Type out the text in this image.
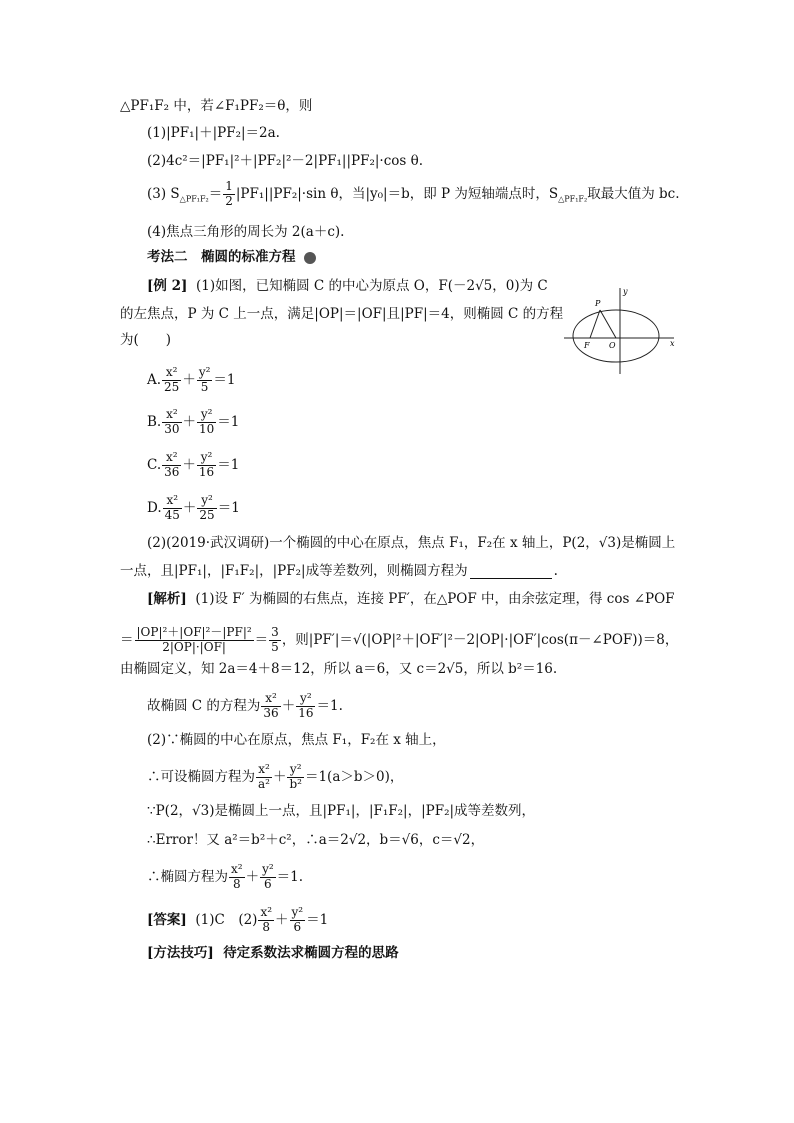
△PF₁F₂ 中，若∠F₁PF₂＝θ，则
(1)|PF₁|＋|PF₂|＝2a.
(2)4c²＝|PF₁|²＋|PF₂|²－2|PF₁||PF₂|·cos θ.
(3) $S_{\triangle PF_1F_2}= \frac{1}{2} |PF_1||PF_2|\cdot\sin$ θ，当|y₀|＝b，即 P 为短轴端点时，$S_{\triangle PF_1F_2}$取最大值为 bc.
(4)焦点三角形的周长为 2(a＋c).
考法二　椭圆的标准方程
[例 2] (1)如图，已知椭圆 C 的中心为原点 O，F(－2√5，0)为 C
的左焦点，P 为 C 上一点，满足|OP|＝|OF|且|PF|＝4，则椭圆 C 的方程
为(　　)
A. $\frac{\text{x²}}{25} + \frac{\text{y²}}{5} =1$
B. $\frac{\text{x²}}{30} + \frac{\text{y²}}{10} =1$
C. $\frac{\text{x²}}{36} + \frac{\text{y²}}{16} =1$
D. $\frac{\text{x²}}{45} + \frac{\text{y²}}{25} =1$
y
x
P
F O
(2)(2019·武汉调研)一个椭圆的中心在原点，焦点 F₁，F₂在 x 轴上，P(2，√3)是椭圆上
一点，且|PF₁|，|F₁F₂|，|PF₂|成等差数列，则椭圆方程为	.
[解析] (1)设 F′ 为椭圆的右焦点，连接 PF′，在△POF 中，由余弦定理，得 cos ∠POF
＝ $\frac{\text{|OP|²＋|OF|²－|PF|²}}{2|OP|\cdot|OF|} = \frac{3}{5}$ ，则|PF′|＝√(|OP|²＋|OF′|²－2|OP|·|OF′|cos(π－∠POF))＝8，
由椭圆定义，知 2a＝4＋8＝12，所以 a＝6，又 c＝2√5，所以 b²＝16.
故椭圆 C 的方程为 $\frac{\text{x²}}{36} + \frac{\text{y²}}{16} =1$.
(2)∵椭圆的中心在原点，焦点 F₁，F₂在 x 轴上，
∴可设椭圆方程为 $\frac{\text{x²}}{\text{a²}} + \frac{\text{y²}}{\text{b²}} =1(a>b>0)$，
∵P(2，√3)是椭圆上一点，且|PF₁|，|F₁F₂|，|PF₂|成等差数列，
∴Error！又 a²＝b²＋c²，∴a＝2√2，b＝√6，c＝√2，
∴椭圆方程为 $\frac{\text{x²}}{8} + \frac{\text{y²}}{6} =1$.
[答案] (1)C　$(2) \frac{\text{x²}}{8} + \frac{\text{y²}}{6} =1$
[方法技巧] 待定系数法求椭圆方程的思路
